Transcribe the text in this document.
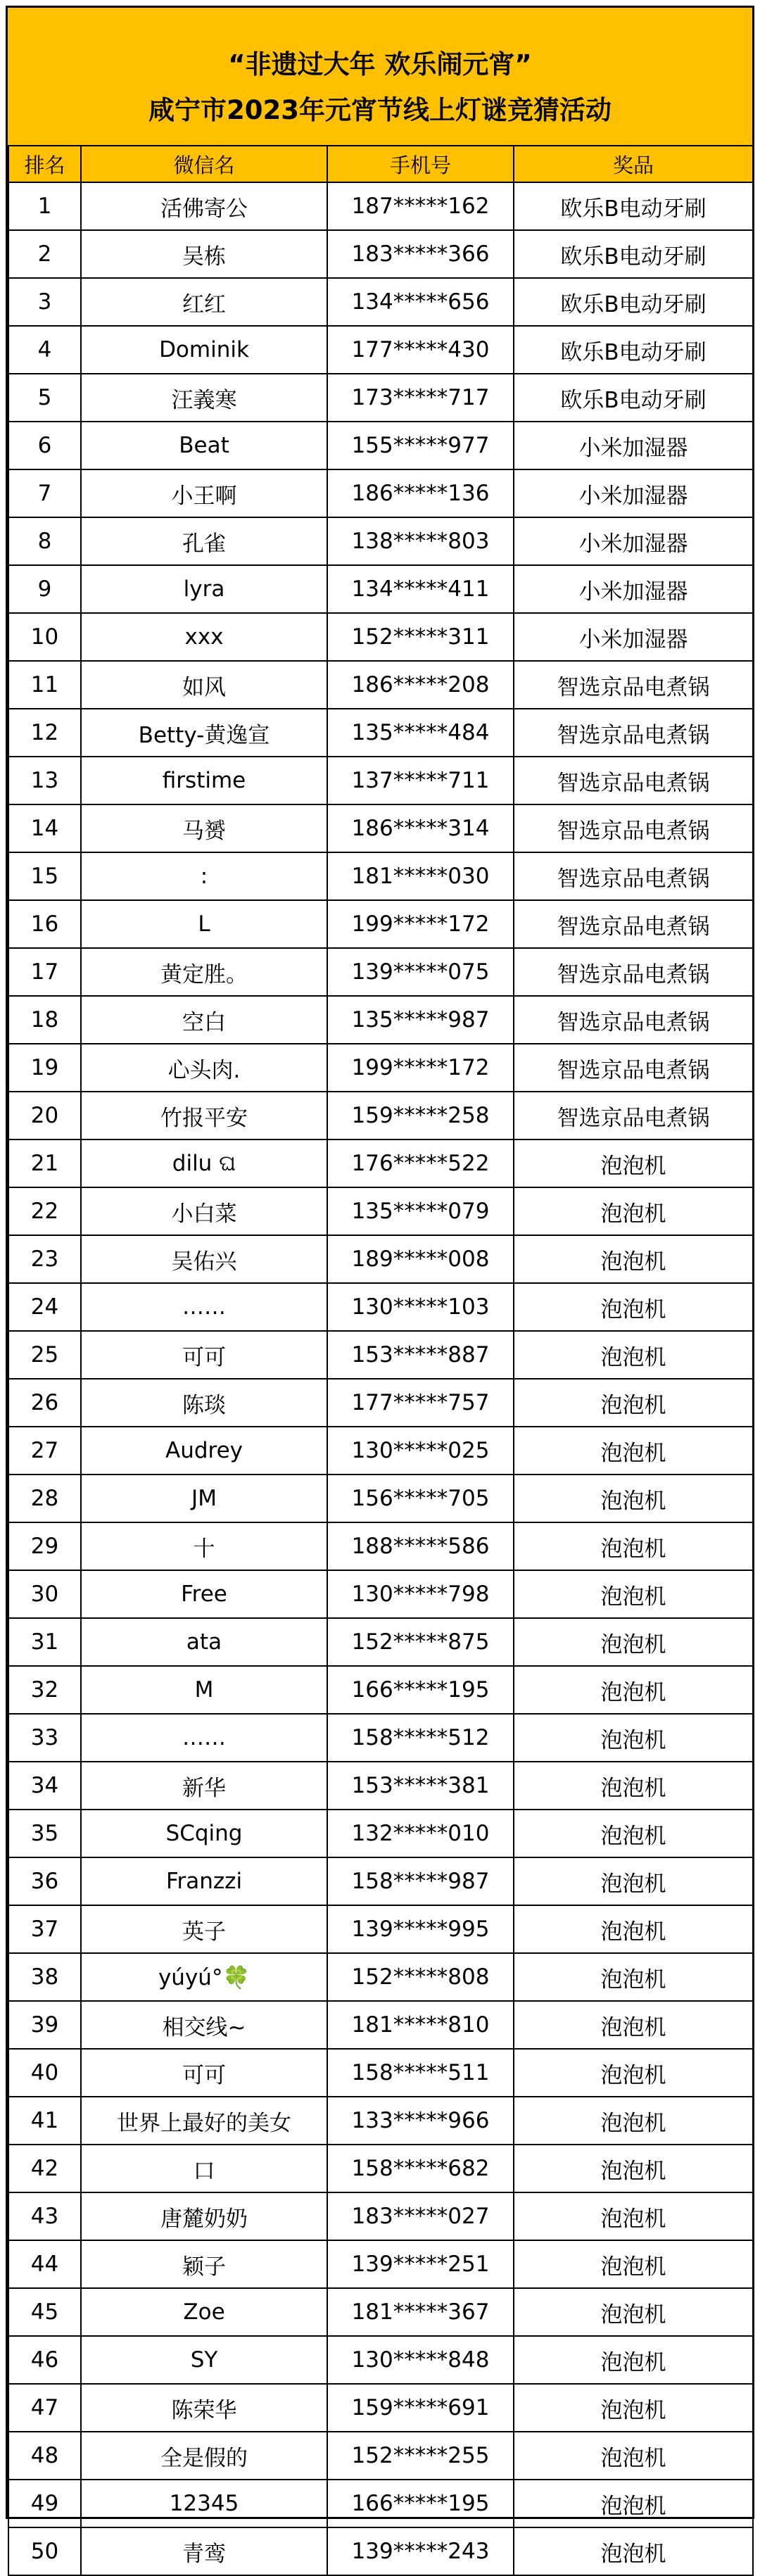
“非遗过大年 欢乐闹元宵”
咸宁市2023年元宵节线上灯谜竞猜活动
排名	微信名	手机号	奖品
1	活佛寄公	187*****162	欧乐B电动牙刷
2	吴栋	183*****366	欧乐B电动牙刷
3	红红	134*****656	欧乐B电动牙刷
4	Dominik	177*****430	欧乐B电动牙刷
5	汪義寒	173*****717	欧乐B电动牙刷
6	Beat	155*****977	小米加湿器
7	小王啊	186*****136	小米加湿器
8	孔雀	138*****803	小米加湿器
9	lyra	134*****411	小米加湿器
10	xxx	152*****311	小米加湿器
11	如风	186*****208	智选京品电煮锅
12	Betty-黄逸宣	135*****484	智选京品电煮锅
13	firstime	137*****711	智选京品电煮锅
14	马赟	186*****314	智选京品电煮锅
15	:	181*****030	智选京品电煮锅
16	L	199*****172	智选京品电煮锅
17	黄定胜。	139*****075	智选京品电煮锅
18	空白	135*****987	智选京品电煮锅
19	心头肉.	199*****172	智选京品电煮锅
20	竹报平安	159*****258	智选京品电煮锅
21	dilu ଘ	176*****522	泡泡机
22	小白菜	135*****079	泡泡机
23	吴佑兴	189*****008	泡泡机
24	……	130*****103	泡泡机
25	可可	153*****887	泡泡机
26	陈琰	177*****757	泡泡机
27	Audrey	130*****025	泡泡机
28	JM	156*****705	泡泡机
29	十	188*****586	泡泡机
30	Free	130*****798	泡泡机
31	ata	152*****875	泡泡机
32	M	166*****195	泡泡机
33	……	158*****512	泡泡机
34	新华	153*****381	泡泡机
35	SCqing	132*****010	泡泡机
36	Franzzi	158*****987	泡泡机
37	英子	139*****995	泡泡机
38	yúyú°🍀	152*****808	泡泡机
39	相交线~	181*****810	泡泡机
40	可可	158*****511	泡泡机
41	世界上最好的美女	133*****966	泡泡机
42	口	158*****682	泡泡机
43	唐麓奶奶	183*****027	泡泡机
44	颖子	139*****251	泡泡机
45	Zoe	181*****367	泡泡机
46	SY	130*****848	泡泡机
47	陈荣华	159*****691	泡泡机
48	全是假的	152*****255	泡泡机
49	12345	166*****195	泡泡机
50	青鸾	139*****243	泡泡机
